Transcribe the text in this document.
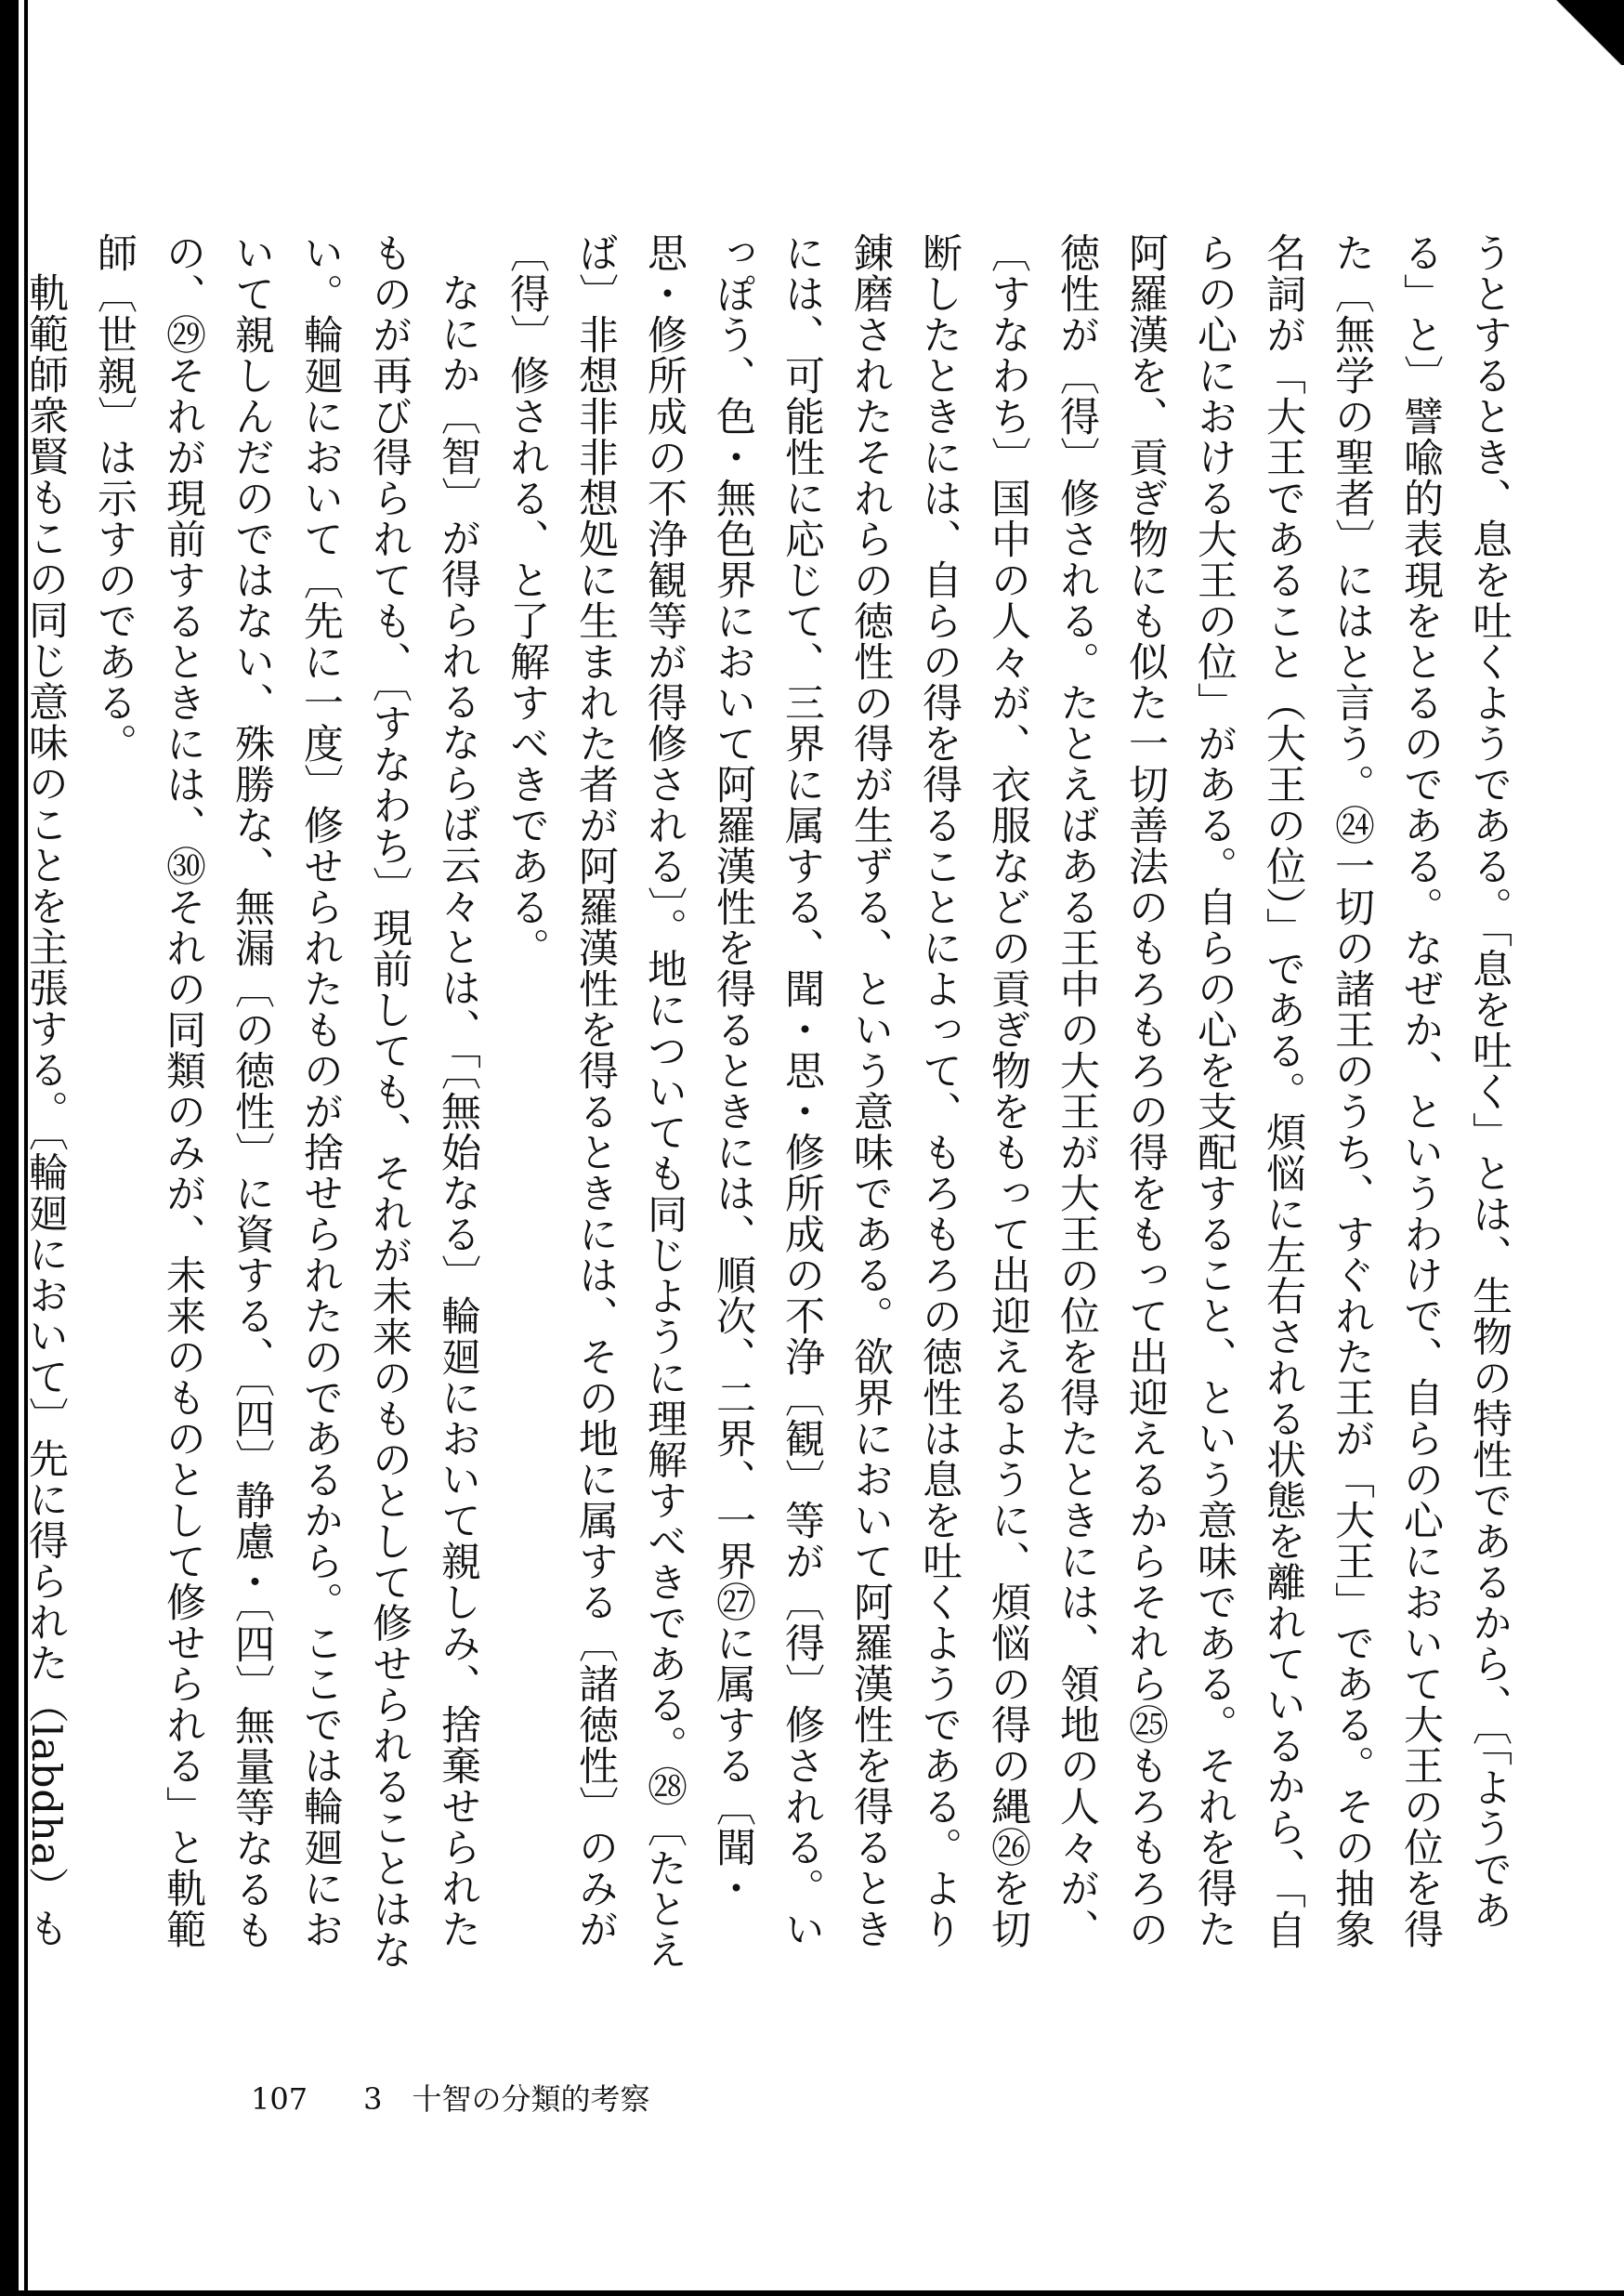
うとするとき、息を吐くようである。「息を吐く」とは、生物の特性であるから、〔「ようである」と〕譬喩的表現をとるのである。なぜか、というわけで、自らの心において大王の位を得た〔無学の聖者〕にはと言う。㉔一切の諸王のうち、すぐれた王が「大王」である。その抽象名詞が「大王であること（大王の位）」である。煩悩に左右される状態を離れているから、「自らの心における大王の位」がある。自らの心を支配すること、という意味である。それを得た阿羅漢を、貢ぎ物にも似た一切善法のもろもろの得をもって出迎えるからそれら㉕もろもろの徳性が〔得〕修される。たとえばある王中の大王が大王の位を得たときには、領地の人々が、〔すなわち〕国中の人々が、衣服などの貢ぎ物をもって出迎えるように、煩悩の得の縄㉖を切断したときには、自らの得を得ることによって、もろもろの徳性は息を吐くようである。より錬磨されたそれらの徳性の得が生ずる、という意味である。欲界において阿羅漢性を得るときには、可能性に応じて、三界に属する、聞・思・修所成の不浄〔観〕等が〔得〕修される。いっぽう、色・無色界において阿羅漢性を得るときには、順次、二界、一界㉗に属する〔聞・思・修所成の不浄観等が得修される〕。地についても同じように理解すべきである。㉘〔たとえば〕非想非非想処に生まれた者が阿羅漢性を得るときには、その地に属する〔諸徳性〕のみが〔得〕修される、と了解すべきである。

なにか〔智〕が得られるならば云々とは、「〔無始なる〕輪廻において親しみ、捨棄せられたものが再び得られても、〔すなわち〕現前しても、それが未来のものとして修せられることはない。輪廻において〔先に一度〕修せられたものが捨せられたのであるから。ここでは輪廻において親しんだのではない、殊勝な、無漏〔の徳性〕に資する、〔四〕静慮・〔四〕無量等なるもの、㉙それが現前するときには、㉚それの同類のみが、未来のものとして修せられる」と軌範師〔世親〕は示すのである。

軌範師衆賢もこの同じ意味のことを主張する。〔輪廻において〕先に得られた（labdha）も

107 3　十智の分類的考察
